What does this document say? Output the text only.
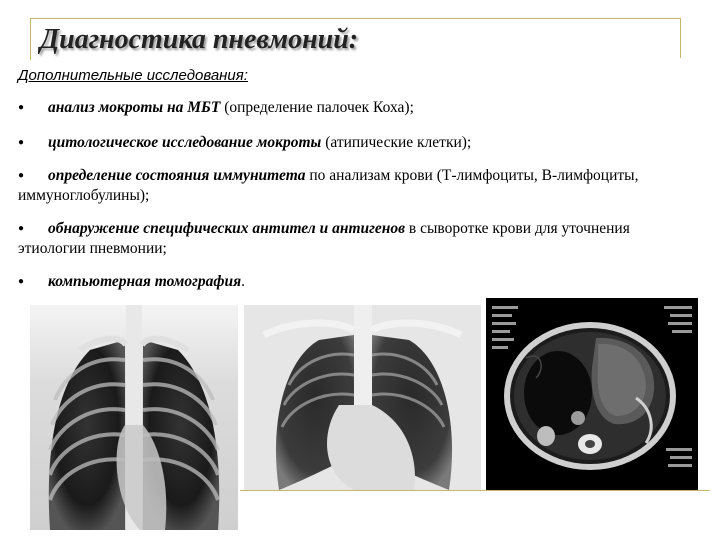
Диагностика пневмоний:
Дополнительные исследования:
● анализ мокроты на МБТ (определение палочек Коха);
● цитологическое исследование мокроты (атипические клетки);
● определение состояния иммунитета по анализам крови (Т-лимфоциты, В-лимфоциты, иммуноглобулины);
● обнаружение специфических антител и антигенов в сыворотке крови для уточнения этиологии пневмонии;
● компьютерная томография.
